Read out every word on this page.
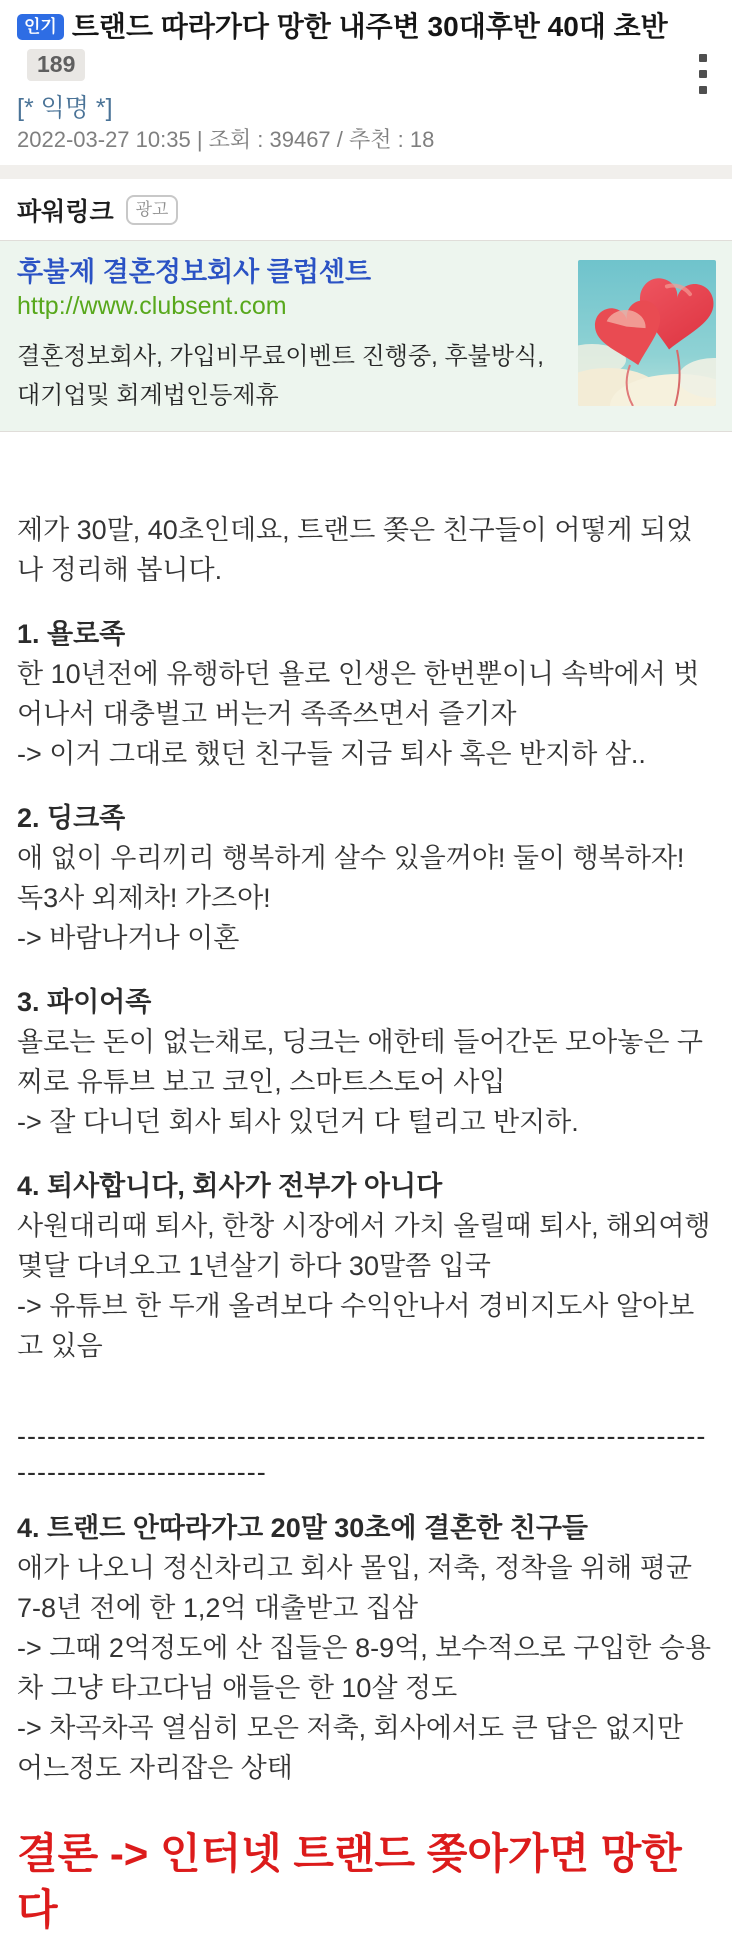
인기 트랜드 따라가다 망한 내주변 30대후반 40대 초반189
[* 익명 *]
2022-03-27 10:35 | 조회 : 39467 / 추천 : 18
파워링크	광고
후불제 결혼정보회사 클럽센트
http://www.clubsent.com
결혼정보회사, 가입비무료이벤트 진행중, 후불방식, 대기업및 회계법인등제휴
제가 30말, 40초인데요, 트랜드 쫒은 친구들이 어떻게 되었나 정리해 봅니다.
1. 욜로족
한 10년전에 유행하던 욜로 인생은 한번뿐이니 속박에서 벗어나서 대충벌고 버는거 족족쓰면서 즐기자
-> 이거 그대로 했던 친구들 지금 퇴사 혹은 반지하 삼..
2. 딩크족
애 없이 우리끼리 행복하게 살수 있을꺼야! 둘이 행복하자! 독3사 외제차! 가즈아!
-> 바람나거나 이혼
3. 파이어족
욜로는 돈이 없는채로, 딩크는 애한테 들어간돈 모아놓은 구찌로 유튜브 보고 코인, 스마트스토어 사입
-> 잘 다니던 회사 퇴사 있던거 다 털리고 반지하.
4. 퇴사합니다, 회사가 전부가 아니다
사원대리때 퇴사, 한창 시장에서 가치 올릴때 퇴사, 해외여행 몇달 다녀오고 1년살기 하다 30말쯤 입국
-> 유튜브 한 두개 올려보다 수익안나서 경비지도사 알아보고 있음
----------------------------------------------------------------------------------------------
4. 트랜드 안따라가고 20말 30초에 결혼한 친구들
애가 나오니 정신차리고 회사 몰입, 저축, 정착을 위해 평균 7-8년 전에 한 1,2억 대출받고 집삼
-> 그때 2억정도에 산 집들은 8-9억, 보수적으로 구입한 승용차 그냥 타고다님 애들은 한 10살 정도
-> 차곡차곡 열심히 모은 저축, 회사에서도 큰 답은 없지만 어느정도 자리잡은 상태
결론 -> 인터넷 트랜드 쫒아가면 망한다
